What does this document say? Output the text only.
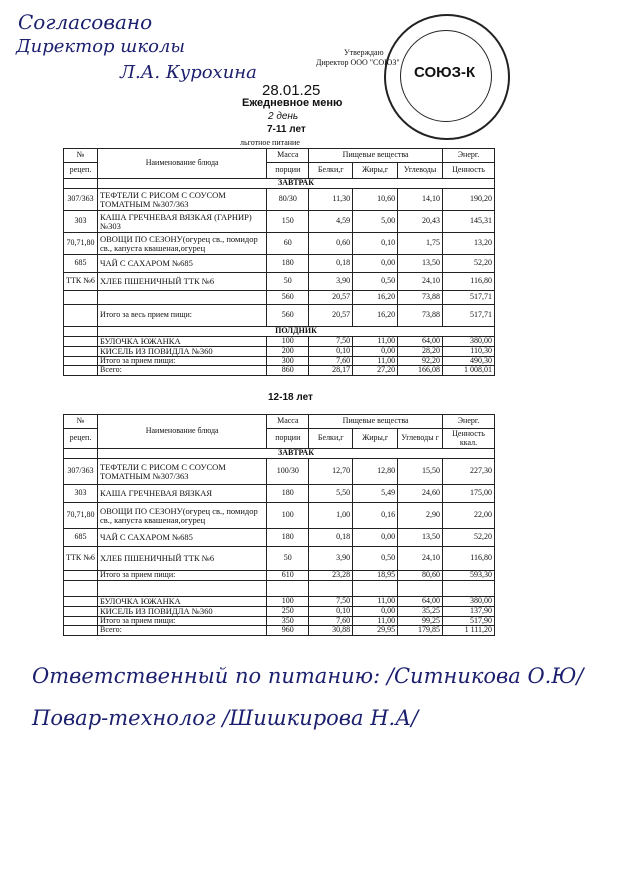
Согласовано
Директор школы
Л.А. Курохина
Утверждаю
Директор ООО "СОЮЗ"
СОЮЗ-К
28.01.25
Ежедневное меню
2 день
7-11 лет
льготное питание
№	Наименование блюда	Масса	Пищевые вещества			Энерг.
рецеп.		порции	Белки,г	Жиры,г	Углеводы	Ценность
	ЗАВТРАК					
307/363	ТЕФТЕЛИ С РИСОМ С СОУСОМ ТОМАТНЫМ №307/363	80/30	11,30	10,60	14,10	190,20
303	КАША ГРЕЧНЕВАЯ ВЯЗКАЯ (ГАРНИР) №303	150	4,59	5,00	20,43	145,31
70,71,80	ОВОЩИ ПО СЕЗОНУ(огурец св., помидор св., капуста квашеная,огурец	60	0,60	0,10	1,75	13,20
685	ЧАЙ С САХАРОМ №685	180	0,18	0,00	13,50	52,20
ТТК №6	ХЛЕБ ПШЕНИЧНЫЙ ТТК №6	50	3,90	0,50	24,10	116,80
		560	20,57	16,20	73,88	517,71
	Итого за весь прием пищи:	560	20,57	16,20	73,88	517,71
	ПОЛДНИК					
	БУЛОЧКА ЮЖАНКА	100	7,50	11,00	64,00	380,00
	КИСЕЛЬ ИЗ ПОВИДЛА №360	200	0,10	0,00	28,20	110,30
	Итого за прием пищи:	300	7,60	11,00	92,20	490,30
	Всего:	860	28,17	27,20	166,08	1 008,01
12-18 лет
№	Наименование блюда	Масса	Пищевые вещества			Энерг.
рецеп.		порции	Белки,г	Жиры,г	Углеводы г	Ценность ккал.
	ЗАВТРАК					
307/363	ТЕФТЕЛИ С РИСОМ С СОУСОМ ТОМАТНЫМ №307/363	100/30	12,70	12,80	15,50	227,30
303	КАША ГРЕЧНЕВАЯ ВЯЗКАЯ	180	5,50	5,49	24,60	175,00
70,71,80	ОВОЩИ ПО СЕЗОНУ(огурец св., помидор св., капуста квашеная,огурец	100	1,00	0,16	2,90	22,00
685	ЧАЙ С САХАРОМ №685	180	0,18	0,00	13,50	52,20
ТТК №6	ХЛЕБ ПШЕНИЧНЫЙ ТТК №6	50	3,90	0,50	24,10	116,80
	Итого за прием пищи:	610	23,28	18,95	80,60	593,30

	БУЛОЧКА ЮЖАНКА	100	7,50	11,00	64,00	380,00
	КИСЕЛЬ ИЗ ПОВИДЛА №360	250	0,10	0,00	35,25	137,90
	Итого за прием пищи:	350	7,60	11,00	99,25	517,90
	Всего:	960	30,88	29,95	179,85	1 111,20
Ответственный по питанию: /Ситникова О.Ю/
Повар-технолог /Шишкирова Н.А/
